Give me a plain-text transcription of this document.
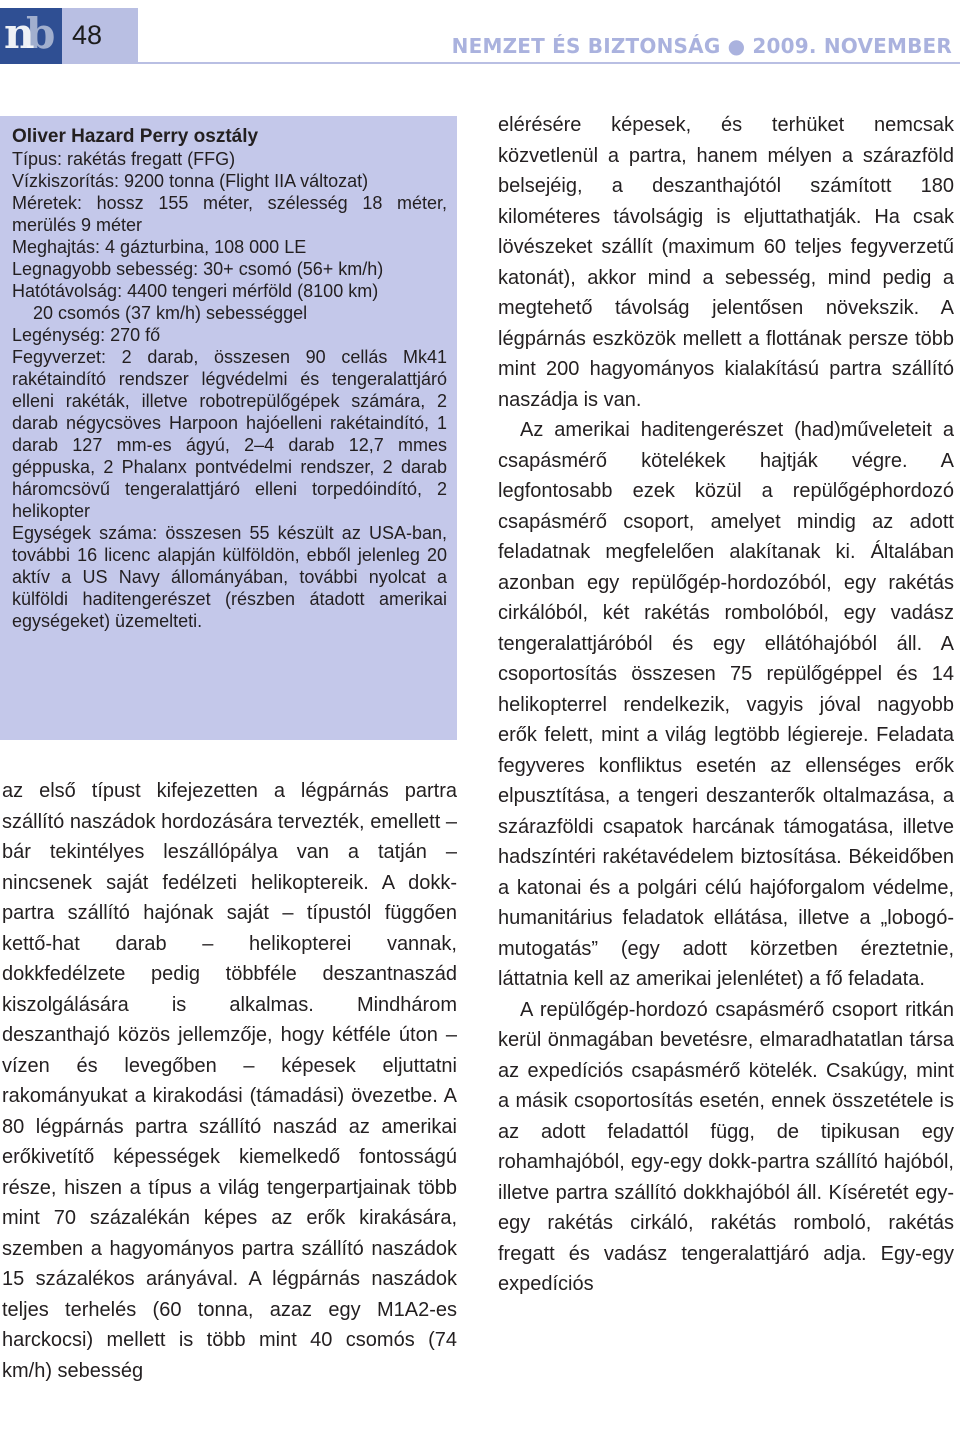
n
b 48	NEMZET ÉS BIZTONSÁG ● 2009. NOVEMBER

Oliver Hazard Perry osztály

Típus: rakétás fregatt (FFG)

Vízkiszorítás: 9200 tonna (Flight IIA változat)

Méretek: hossz 155 méter, szélesség 18 méter, merülés 9 méter

Meghajtás: 4 gázturbina, 108 000 LE

Legnagyobb sebesség: 30+ csomó (56+ km/h)

Hatótávolság: 4400 tengeri mérföld (8100 km)

20 csomós (37 km/h) sebességgel

Legénység: 270 fő

Fegyverzet: 2 darab, összesen 90 cellás Mk41 rakétaindító rendszer légvédelmi és tengeralattjáró elleni rakéták, illetve robotrepülőgépek számára, 2 darab négycsöves Harpoon hajóelleni rakétaindító, 1 darab 127 mm-es ágyú, 2–4 darab 12,7 mmes géppuska, 2 Phalanx pontvédelmi rendszer, 2 darab háromcsövű tengeralattjáró elleni torpedóindító, 2 helikopter

Egységek száma: összesen 55 készült az USA-ban, további 16 licenc alapján külföldön, ebből jelenleg 20 aktív a US Navy állományában, további nyolcat a külföldi haditengerészet (részben átadott amerikai egységeket) üzemelteti.

az első típust kifejezetten a légpárnás partra szállító naszádok hordozására tervezték, emellett – bár tekintélyes leszállópálya van a tatján – nincsenek saját fedélzeti helikoptereik. A dokk-partra szállító hajónak saját – típustól függően kettő-hat darab – helikopterei vannak, dokkfedélzete pedig többféle deszantnaszád kiszolgálására is alkalmas. Mindhárom deszanthajó közös jellemzője, hogy kétféle úton – vízen és levegőben – képesek eljuttatni rakományukat a kirakodási (támadási) övezetbe. A 80 légpárnás partra szállító naszád az amerikai erőkivetítő képességek kiemelkedő fontosságú része, hiszen a típus a világ tengerpartjainak több mint 70 százalékán képes az erők kirakására, szemben a hagyományos partra szállító naszádok 15 százalékos arányával. A légpárnás naszádok teljes terhelés (60 tonna, azaz egy M1A2-es harckocsi) mellett is több mint 40 csomós (74 km/h) sebesség

elérésére képesek, és terhüket nemcsak közvetlenül a partra, hanem mélyen a szárazföld belsejéig, a deszanthajótól számított 180 kilométeres távolságig is eljuttathatják. Ha csak lövészeket szállít (maximum 60 teljes fegyverzetű katonát), akkor mind a sebesség, mind pedig a megtehető távolság jelentősen növekszik. A légpárnás eszközök mellett a flottának persze több mint 200 hagyományos kialakítású partra szállító naszádja is van.

Az amerikai haditengerészet (had)műveleteit a csapásmérő kötelékek hajtják végre. A legfontosabb ezek közül a repülőgéphordozó csapásmérő csoport, amelyet mindig az adott feladatnak megfelelően alakítanak ki. Általában azonban egy repülőgép-hordozóból, egy rakétás cirkálóból, két rakétás rombolóból, egy vadász tengeralattjáróból és egy ellátóhajóból áll. A csoportosítás összesen 75 repülőgéppel és 14 helikopterrel rendelkezik, vagyis jóval nagyobb erők felett, mint a világ legtöbb légiereje. Feladata fegyveres konfliktus esetén az ellenséges erők elpusztítása, a tengeri deszanterők oltalmazása, a szárazföldi csapatok harcának támogatása, illetve hadszíntéri rakétavédelem biztosítása. Békeidőben a katonai és a polgári célú hajóforgalom védelme, humanitárius feladatok ellátása, illetve a „lobogó-mutogatás” (egy adott körzetben éreztetnie, láttatnia kell az amerikai jelenlétet) a fő feladata.

A repülőgép-hordozó csapásmérő csoport ritkán kerül önmagában bevetésre, elmaradhatatlan társa az expedíciós csapásmérő kötelék. Csakúgy, mint a másik csoportosítás esetén, ennek összetétele is az adott feladattól függ, de tipikusan egy rohamhajóból, egy-egy dokk-partra szállító hajóból, illetve partra szállító dokkhajóból áll. Kíséretét egy-egy rakétás cirkáló, rakétás romboló, rakétás fregatt és vadász tengeralattjáró adja. Egy-egy expedíciós
